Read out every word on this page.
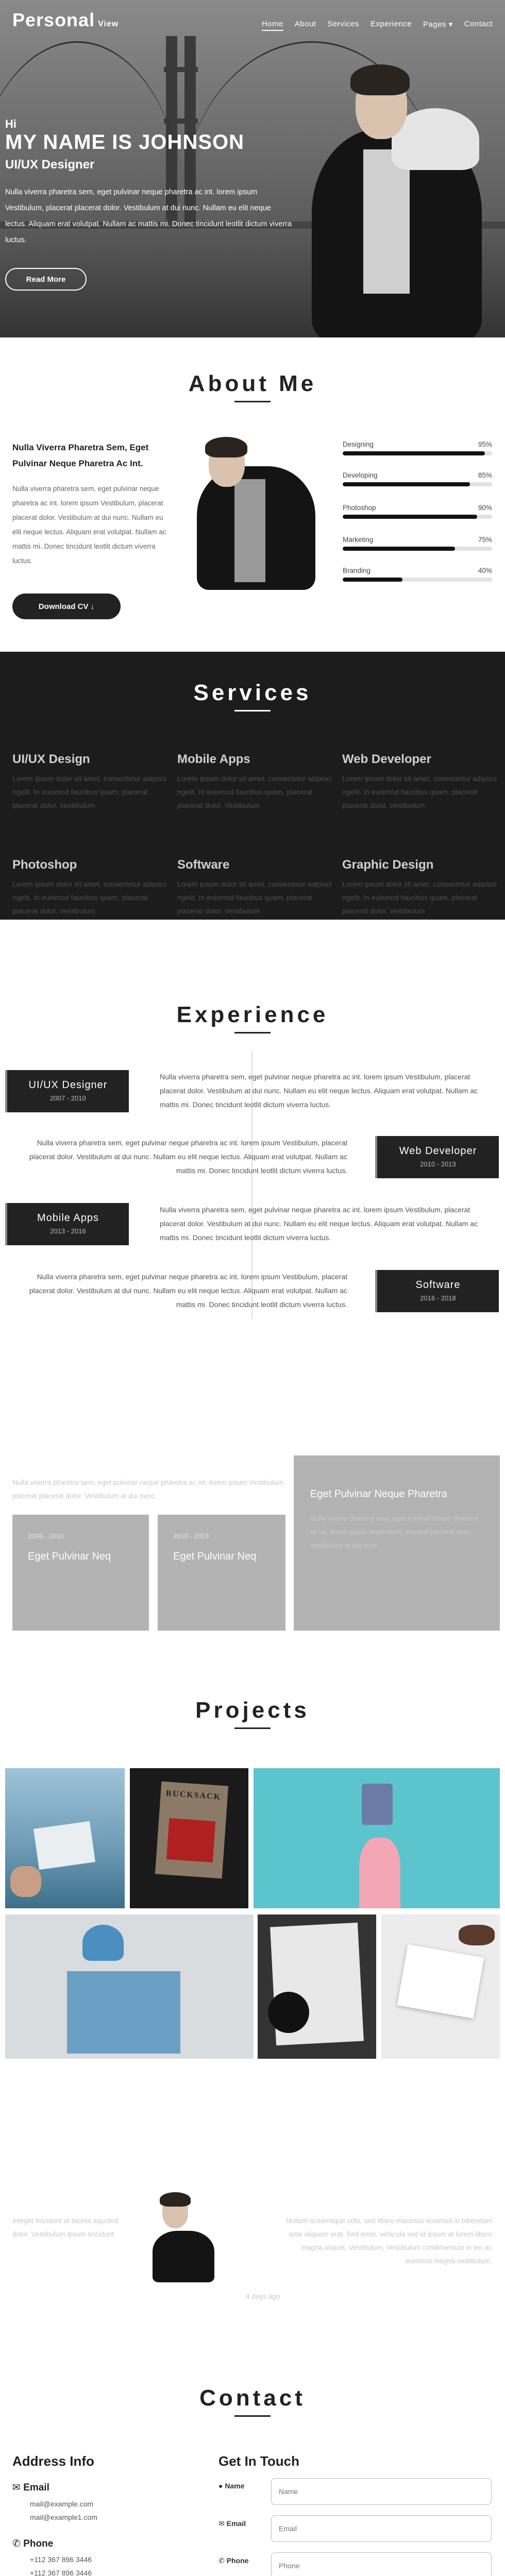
Personal View	Home About Services Experience Pages ▾ Contact
Hi
MY NAME IS JOHNSON
UI/UX Designer
Nulla viverra pharetra sem, eget pulvinar neque pharetra ac int. lorem ipsum Vestibulum, placerat placerat dolor. Vestibulum at dui nunc. Nullam eu elit neque lectus. Aliquam erat volutpat. Nullam ac mattis mi. Donec tincidunt leotlit dictum viverra luctus.
Read More
About Me
Nulla Viverra Pharetra Sem, Eget Pulvinar Neque Pharetra Ac Int.
Nulla viverra pharetra sem, eget pulvinar neque pharetra ac int. lorem ipsum Vestibulum, placerat placerat dolor. Vestibulum at dui nunc. Nullam eu elit neque lectus. Aliquam erat volutpat. Nullam ac mattis mi. Donec tincidunt leotlit dictum viverra luctus.
Download CV
↓
Designing	95%
Developing	85%
Photoshop	90%
Marketing	75%
Branding	40%
Services
UI/UX Design
Lorem ipsum dolor sit amet, consectetur adipisci ngelit. In euismod faucibus quam, placerat placerat dolor. Vestibulum
Mobile Apps
Lorem ipsum dolor sit amet, consectetur adipisci ngelit. In euismod faucibus quam, placerat placerat dolor. Vestibulum
Web Developer
Lorem ipsum dolor sit amet, consectetur adipisci ngelit. In euismod faucibus quam, placerat placerat dolor. Vestibulum
Photoshop
Lorem ipsum dolor sit amet, consectetur adipisci ngelit. In euismod faucibus quam, placerat placerat dolor. Vestibulum
Software
Lorem ipsum dolor sit amet, consectetur adipisci ngelit. In euismod faucibus quam, placerat placerat dolor. Vestibulum
Graphic Design
Lorem ipsum dolor sit amet, consectetur adipisci ngelit. In euismod faucibus quam, placerat placerat dolor. Vestibulum
Experience
UI/UX Designer
2007 - 2010
Nulla viverra pharetra sem, eget pulvinar neque pharetra ac int. lorem ipsum Vestibulum, placerat placerat dolor. Vestibulum at dui nunc. Nullam eu elit neque lectus. Aliquam erat volutpat. Nullam ac mattis mi. Donec tincidunt leotlit dictum viverra luctus.
Web Developer
2010 - 2013
Nulla viverra pharetra sem, eget pulvinar neque pharetra ac int. lorem ipsum Vestibulum, placerat placerat dolor. Vestibulum at dui nunc. Nullam eu elit neque lectus. Aliquam erat volutpat. Nullam ac mattis mi. Donec tincidunt leotlit dictum viverra luctus.
Mobile Apps
2013 - 2016
Nulla viverra pharetra sem, eget pulvinar neque pharetra ac int. lorem ipsum Vestibulum, placerat placerat dolor. Vestibulum at dui nunc. Nullam eu elit neque lectus. Aliquam erat volutpat. Nullam ac mattis mi. Donec tincidunt leotlit dictum viverra luctus.
Software
2016 - 2018
Nulla viverra pharetra sem, eget pulvinar neque pharetra ac int. lorem ipsum Vestibulum, placerat placerat dolor. Vestibulum at dui nunc. Nullam eu elit neque lectus. Aliquam erat volutpat. Nullam ac mattis mi. Donec tincidunt leotlit dictum viverra luctus.
Nulla viverra pharetra sem, eget pulvinar neque pharetra ac int. lorem ipsum Vestibulum, placerat placerat dolor. Vestibulum at dui nunc.
2006 - 2010
Eget Pulvinar Neq
2010 - 2013
Eget Pulvinar Neq
Eget Pulvinar Neque Pharetra
Nulla viverra pharetra sem, eget pulvinar neque pharetra ac int. lorem ipsum Vestibulum, placerat placerat dolor. Vestibulum at dui nunc.
Projects
RUCKSACK
Integer tincidunt at lacinia aquoted dolor. Vestibulum ipsum tincidunt.
Nullam scelerisque odio, sed libero maximus euismod in bibendum ante aliquam erat. Sed enim, vehicula sed id ipsum at lorem libero magna aliquet, Vestibulum, Vestibulum condimentum in leo ac euismod magna vestibulum.
4 days ago
Contact
Address Info
✉ Email
mail@example.com
mail@example1.com
✆ Phone
+112 367 896 3446
+112 367 896 3446
Get In Touch
● Name
✉ Email
✆ Phone
Name
Email
Phone
